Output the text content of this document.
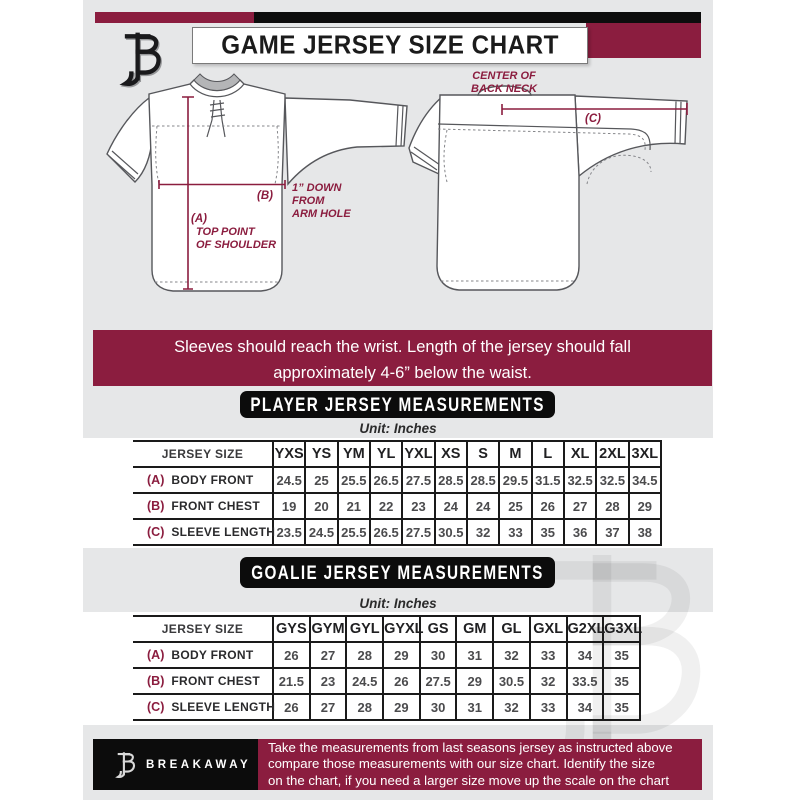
GAME JERSEY SIZE CHART
(B)
1” DOWN
FROM
ARM HOLE
(A)
TOP POINT
OF SHOULDER
CENTER OF
BACK NECK
(C)
Sleeves should reach the wrist. Length of the jersey should fall
approximately 4-6” below the waist.
PLAYER JERSEY MEASUREMENTS
Unit: Inches
JERSEY SIZE	YXS	YS	YM	YL	YXL	XS	S	M	L	XL	2XL	3XL
(A) BODY FRONT	24.5	25	25.5	26.5	27.5	28.5	28.5	29.5	31.5	32.5	32.5	34.5
(B) FRONT CHEST	19	20	21	22	23	24	24	25	26	27	28	29
(C) SLEEVE LENGTH	23.5	24.5	25.5	26.5	27.5	30.5	32	33	35	36	37	38
GOALIE JERSEY MEASUREMENTS
Unit: Inches
JERSEY SIZE	GYS	GYM	GYL	GYXL	GS	GM	GL	GXL	G2XL	G3XL
(A) BODY FRONT	26	27	28	29	30	31	32	33	34	35
(B) FRONT CHEST	21.5	23	24.5	26	27.5	29	30.5	32	33.5	35
(C) SLEEVE LENGTH	26	27	28	29	30	31	32	33	34	35
BREAKAWAY
Take the measurements from last seasons jersey as instructed above
compare those measurements with our size chart. Identify the size
on the chart, if you need a larger size move up the scale on the chart
